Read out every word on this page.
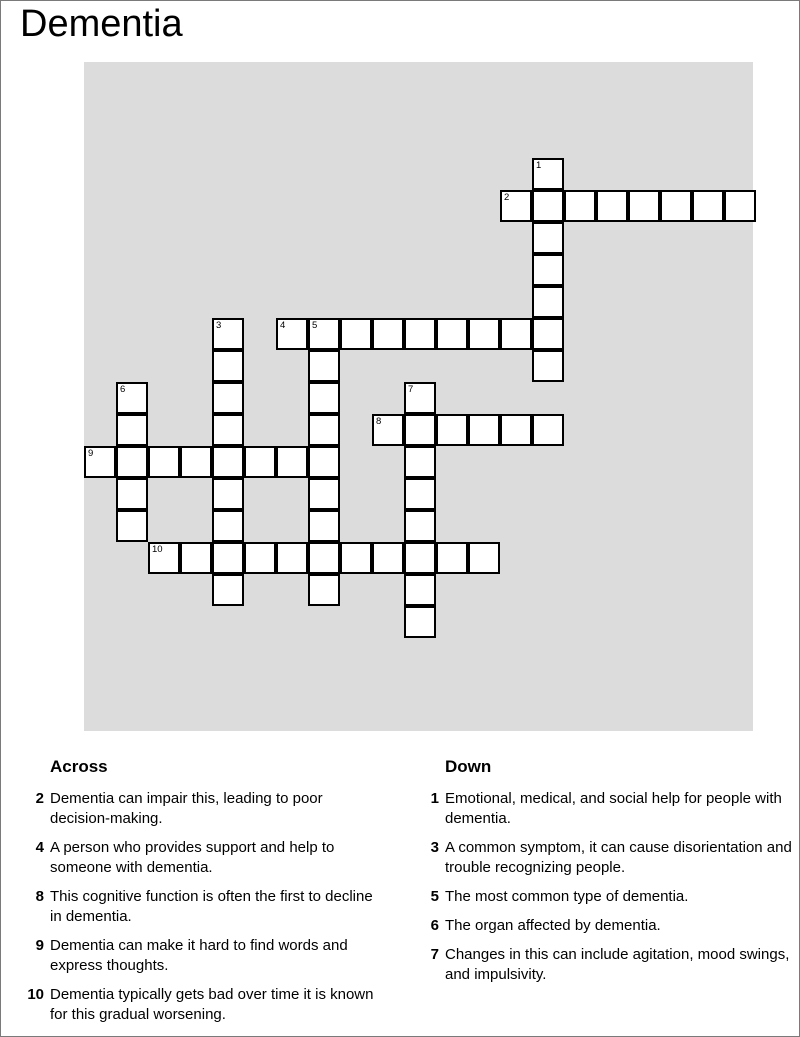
Dementia
1
2
3	4	5
6	7
8
9
10
Across
2 Dementia can impair this, leading to poor decision-making.
4 A person who provides support and help to someone with dementia.
8 This cognitive function is often the first to decline in dementia.
9 Dementia can make it hard to find words and express thoughts.
10 Dementia typically gets bad over time it is known for this gradual worsening.
Down
1 Emotional, medical, and social help for people with dementia.
3 A common symptom, it can cause disorientation and trouble recognizing people.
5 The most common type of dementia.
6 The organ affected by dementia.
7 Changes in this can include agitation, mood swings, and impulsivity.
